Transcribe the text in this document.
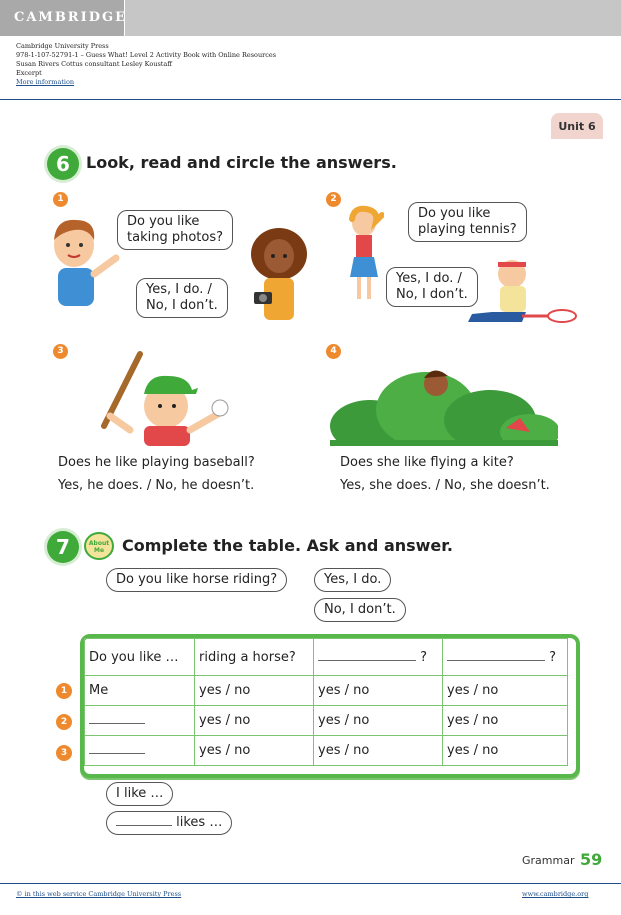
CAMBRIDGE
Cambridge University Press
978-1-107-52791-1 – Guess What! Level 2 Activity Book with Online Resources
Susan Rivers Cottus consultant Lesley Koustaff
Excerpt
More information
Unit 6
6	Look, read and circle the answers.
1
Do you like
taking photos?
Yes, I do. /
No, I don’t.
2
Do you like
playing tennis?
Yes, I do. /
No, I don’t.
3
Does he like playing baseball?
Yes, he does. / No, he doesn’t.
4
Does she like flying a kite?
Yes, she does. / No, she doesn’t.
7	About
Me Complete the table. Ask and answer.
Do you like horse riding?	Yes, I do.
No, I don’t.
Do you like …	riding a horse?	?	?
Me	yes / no	yes / no	yes / no
	yes / no	yes / no	yes / no
	yes / no	yes / no	yes / no
1
2
3
I like …
likes …
Grammar 59
© in this web service Cambridge University Press	www.cambridge.org
